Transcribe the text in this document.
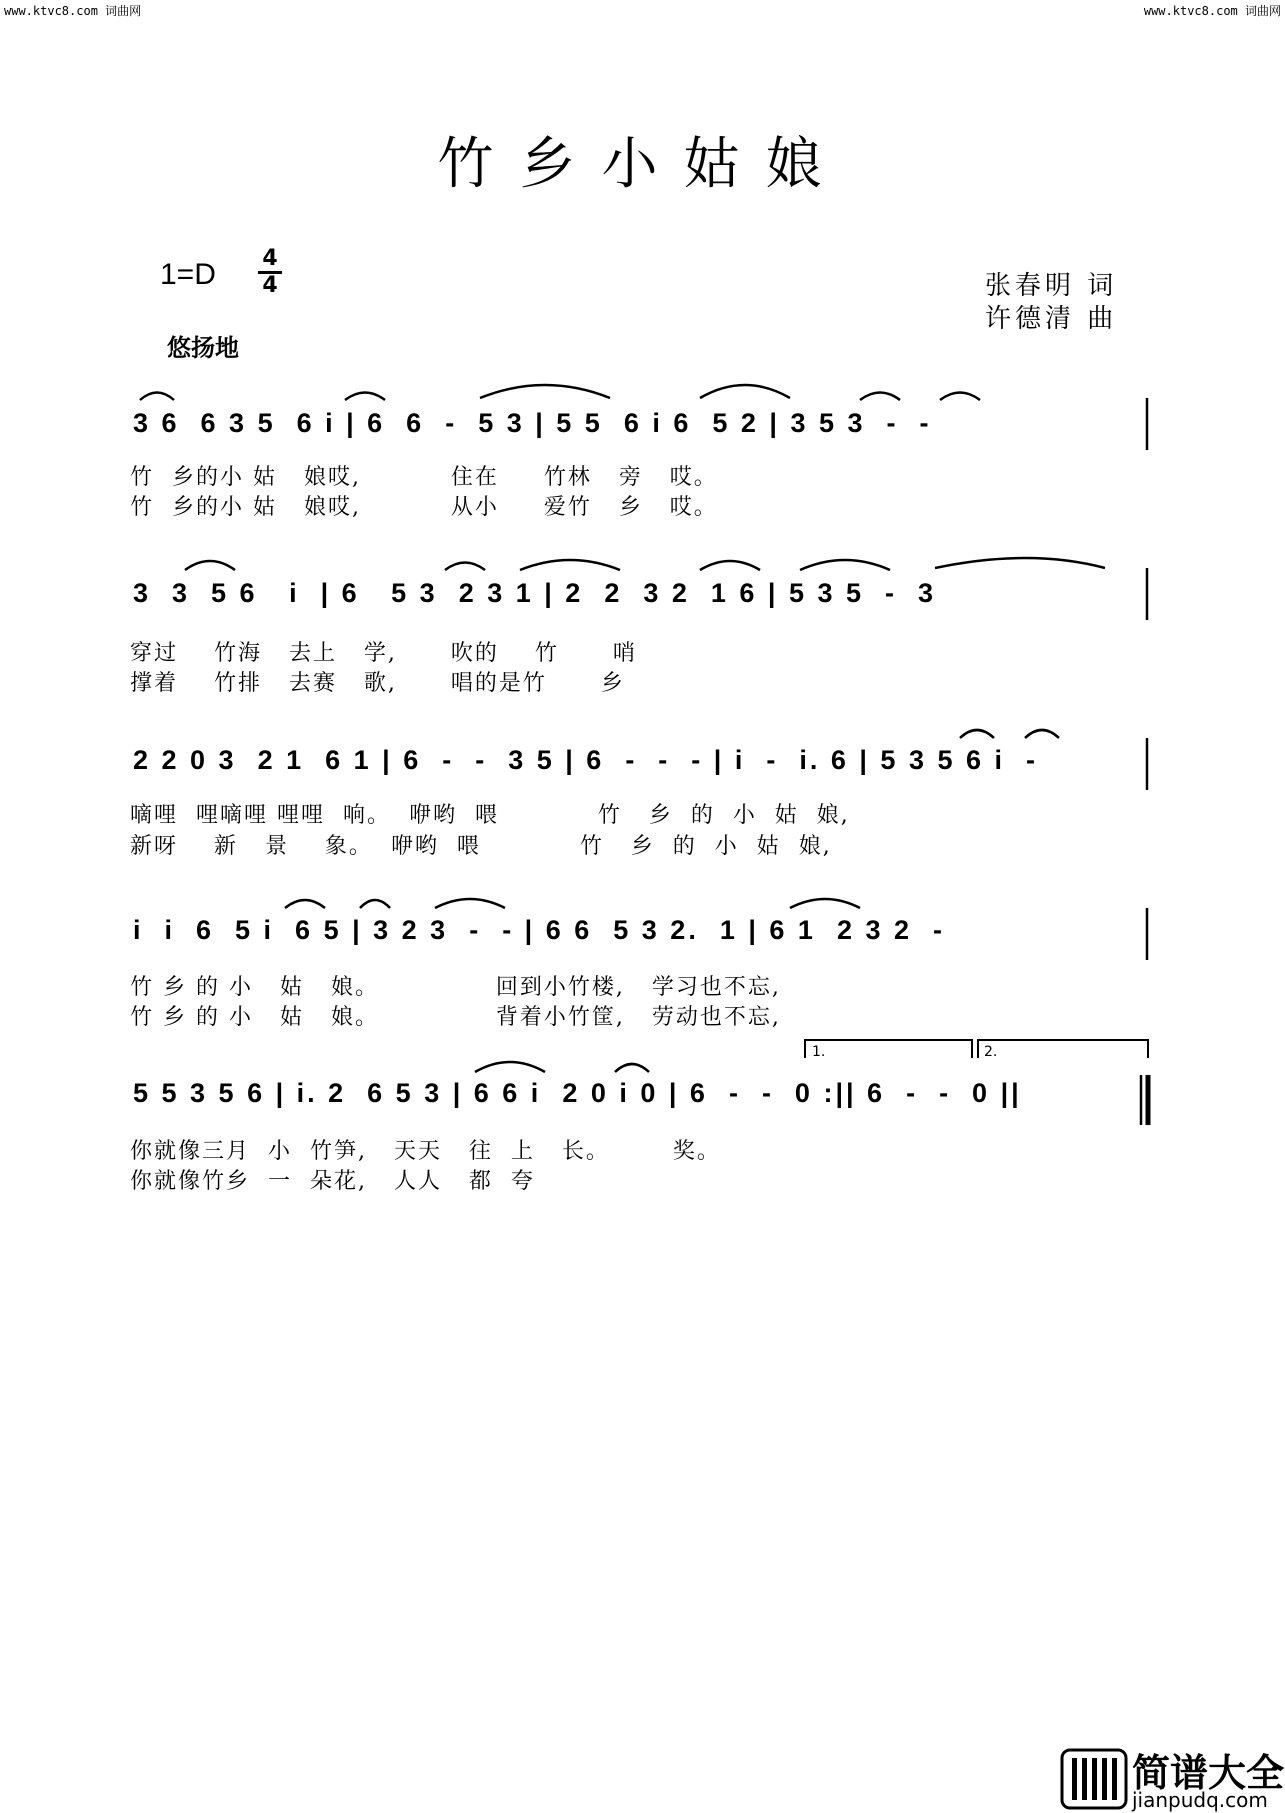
www.ktvc8.com 词曲网	www.ktvc8.com 词曲网
竹乡小姑娘
1=D 4
4
悠扬地
张春明 词
许德清 曲
3 6  6 3 5  6 i | 6  6  -  5 3 | 5 5  6 i 6  5 2 | 3 5 3  -  -
竹  乡的小 姑   娘哎,          住在     竹林   旁   哎。
竹  乡的小 姑   娘哎,          从小     爱竹   乡   哎。
3  3  5 6   i  | 6   5 3  2 3 1 | 2  2  3 2  1 6 | 5 3 5  -  3
穿过    竹海   去上   学,      吹的    竹      哨
撑着    竹排   去赛   歌,      唱的是竹      乡
2 2 0 3  2 1  6 1 | 6  -  -  3 5 | 6  -  -  - | i  -  i. 6 | 5 3 5 6 i  -
嘀哩  哩嘀哩 哩哩  响。  咿哟  喂           竹   乡  的  小  姑  娘,
新呀    新   景    象。  咿哟  喂           竹   乡  的  小  姑  娘,
i  i  6  5 i  6 5 | 3 2 3  -  - | 6 6  5 3 2.  1 | 6 1  2 3 2  -
竹 乡 的 小   姑   娘。             回到小竹楼,   学习也不忘,
竹 乡 的 小   姑   娘。             背着小竹筐,   劳动也不忘,
5 5 3 5 6 | i. 2  6 5 3 | 6 6 i  2 0 i 0 | 6  -  -  0 :|| 6  -  -  0 ||
你就像三月  小  竹笋,   天天   往  上   长。       奖。
你就像竹乡  一  朵花,   人人   都  夸
1.	2.
简谱大全
jianpudq.com
